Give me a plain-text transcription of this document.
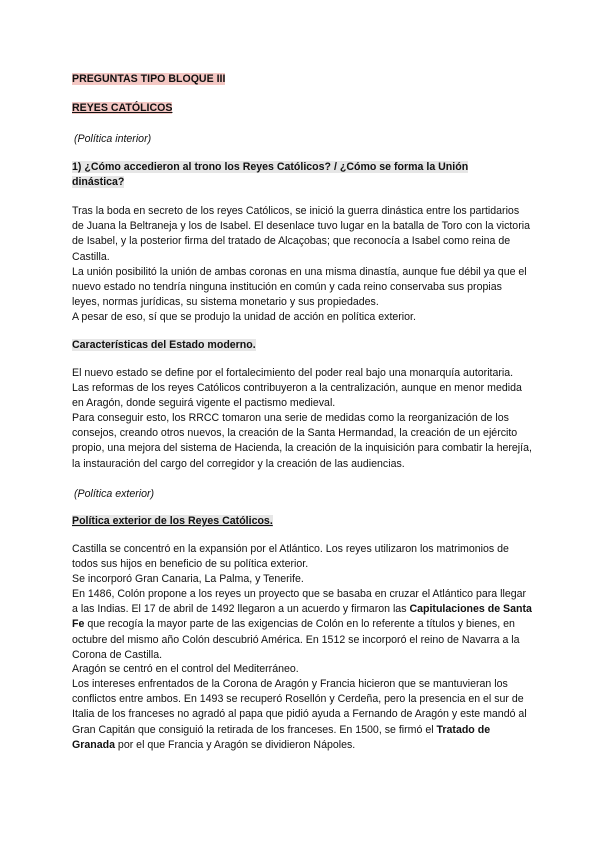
PREGUNTAS TIPO BLOQUE III

REYES CATÓLICOS

(Política interior)

1) ¿Cómo accedieron al trono los Reyes Católicos? / ¿Cómo se forma la Unión dinástica?

Tras la boda en secreto de los reyes Católicos, se inició la guerra dinástica entre los partidarios de Juana la Beltraneja y los de Isabel. El desenlace tuvo lugar en la batalla de Toro con la victoria de Isabel, y la posterior firma del tratado de Alcaçobas; que reconocía a Isabel como reina de Castilla.

La unión posibilitó la unión de ambas coronas en una misma dinastía, aunque fue débil ya que el nuevo estado no tendría ninguna institución en común y cada reino conservaba sus propias leyes, normas jurídicas, su sistema monetario y sus propiedades.

A pesar de eso, sí que se produjo la unidad de acción en política exterior.

Características del Estado moderno.

El nuevo estado se define por el fortalecimiento del poder real bajo una monarquía autoritaria. Las reformas de los reyes Católicos contribuyeron a la centralización, aunque en menor medida en Aragón, donde seguirá vigente el pactismo medieval.

Para conseguir esto, los RRCC tomaron una serie de medidas como la reorganización de los consejos, creando otros nuevos, la creación de la Santa Hermandad, la creación de un ejército propio, una mejora del sistema de Hacienda, la creación de la inquisición para combatir la herejía, la instauración del cargo del corregidor y la creación de las audiencias.

(Política exterior)

Política exterior de los Reyes Católicos.

Castilla se concentró en la expansión por el Atlántico. Los reyes utilizaron los matrimonios de todos sus hijos en beneficio de su política exterior.

Se incorporó Gran Canaria, La Palma, y Tenerife.

En 1486, Colón propone a los reyes un proyecto que se basaba en cruzar el Atlántico para llegar a las Indias. El 17 de abril de 1492 llegaron a un acuerdo y firmaron las Capitulaciones de Santa Fe que recogía la mayor parte de las exigencias de Colón en lo referente a títulos y bienes, en octubre del mismo año Colón descubrió América. En 1512 se incorporó el reino de Navarra a la Corona de Castilla.

Aragón se centró en el control del Mediterráneo.

Los intereses enfrentados de la Corona de Aragón y Francia hicieron que se mantuvieran los conflictos entre ambos. En 1493 se recuperó Rosellón y Cerdeña, pero la presencia en el sur de Italia de los franceses no agradó al papa que pidió ayuda a Fernando de Aragón y este mandó al Gran Capitán que consiguió la retirada de los franceses. En 1500, se firmó el Tratado de Granada por el que Francia y Aragón se dividieron Nápoles.
